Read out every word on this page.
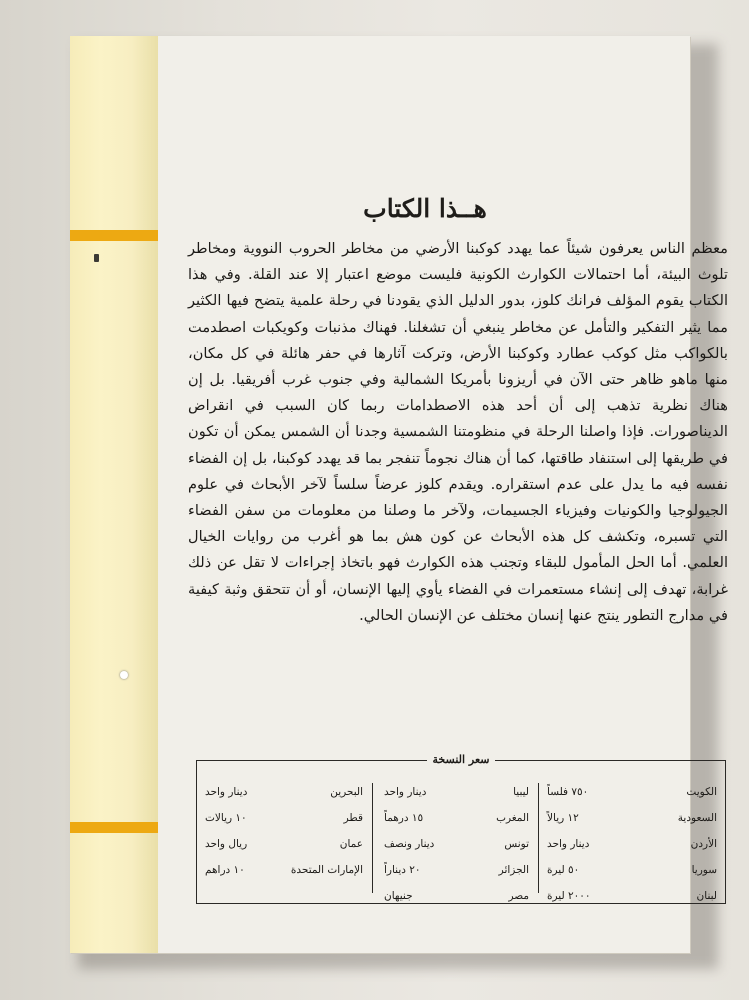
هــذا الكتاب
معظم الناس يعرفون شيئاً عما يهدد كوكبنا الأرضي من مخاطر الحروب النووية ومخاطر تلوث البيئة، أما احتمالات الكوارث الكونية فليست موضع اعتبار إلا عند القلة. وفي هذا الكتاب يقوم المؤلف فرانك كلوز، بدور الدليل الذي يقودنا في رحلة علمية يتضح فيها الكثير مما يثير التفكير والتأمل عن مخاطر ينبغي أن تشغلنا. فهناك مذنبات وكويكبات اصطدمت بالكواكب مثل كوكب عطارد وكوكبنا الأرض، وتركت آثارها في حفر هائلة في كل مكان، منها ماهو ظاهر حتى الآن في أريزونا بأمريكا الشمالية وفي جنوب غرب أفريقيا. بل إن هناك نظرية تذهب إلى أن أحد هذه الاصطدامات ربما كان السبب في انقراض الديناصورات. فإذا واصلنا الرحلة في منظومتنا الشمسية وجدنا أن الشمس يمكن أن تكون في طريقها إلى استنفاد طاقتها، كما أن هناك نجوماً تنفجر بما قد يهدد كوكبنا، بل إن الفضاء نفسه فيه ما يدل على عدم استقراره. ويقدم كلوز عرضاً سلساً لآخر الأبحاث في علوم الجيولوجيا والكونيات وفيزياء الجسيمات، ولآخر ما وصلنا من معلومات من سفن الفضاء التي تسبره، وتكشف كل هذه الأبحاث عن كون هش بما هو أغرب من روايات الخيال العلمي. أما الحل المأمول للبقاء وتجنب هذه الكوارث فهو باتخاذ إجراءات لا تقل عن ذلك غرابة، تهدف إلى إنشاء مستعمرات في الفضاء يأوي إليها الإنسان، أو أن تتحقق وثبة كيفية في مدارج التطور ينتج عنها إنسان مختلف عن الإنسان الحالي.
سعر النسخة
الكويت
٧٥٠ فلساً
السعودية
١٢ ريالاً
الأردن
دينار واحد
سوريا
٥٠ ليرة
لبنان
٢٠٠٠ ليرة
ليبيا
دينار واحد
المغرب
١٥ درهماً
تونس
دينار ونصف
الجزائر
٢٠ ديناراً
مصر
جنيهان
البحرين
دينار واحد
قطر
١٠ ريالات
عمان
ريال واحد
الإمارات المتحدة
١٠ دراهم
